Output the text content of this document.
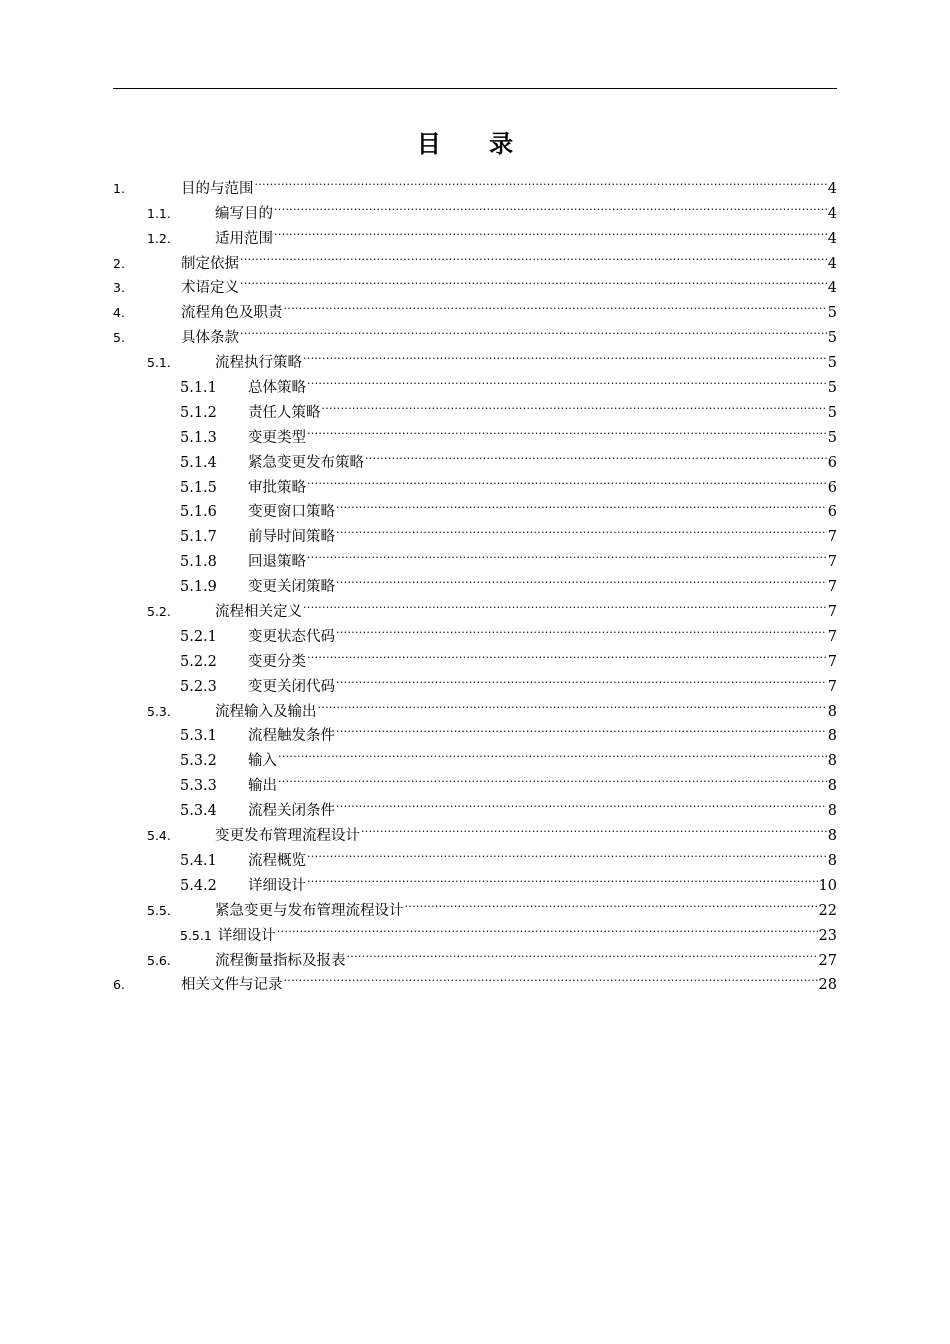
目 录
1.	目的与范围 .....	4
1.1.	编写目的 .....	4
1.2.	适用范围 .....	4
2.	制定依据 .....	4
3.	术语定义 .....	4
4.	流程角色及职责 .....	5
5.	具体条款 .....	5
5.1.	流程执行策略 .....	5
5.1.1	总体策略 .....	5
5.1.2	责任人策略 .....	5
5.1.3	变更类型 .....	5
5.1.4	紧急变更发布策略 .....	6
5.1.5	审批策略 .....	6
5.1.6	变更窗口策略 .....	6
5.1.7	前导时间策略 .....	7
5.1.8	回退策略 .....	7
5.1.9	变更关闭策略 .....	7
5.2.	流程相关定义 .....	7
5.2.1	变更状态代码 .....	7
5.2.2	变更分类 .....	7
5.2.3	变更关闭代码 .....	7
5.3.	流程输入及输出 .....	8
5.3.1	流程触发条件 .....	8
5.3.2	输入 .....	8
5.3.3	输出 .....	8
5.3.4	流程关闭条件 .....	8
5.4.	变更发布管理流程设计 .....	8
5.4.1	流程概览 .....	8
5.4.2	详细设计 .....	10
5.5.	紧急变更与发布管理流程设计 .....	22
5.5.1 详细设计 .....	23
5.6.	流程衡量指标及报表 .....	27
6.	相关文件与记录 .....	28
